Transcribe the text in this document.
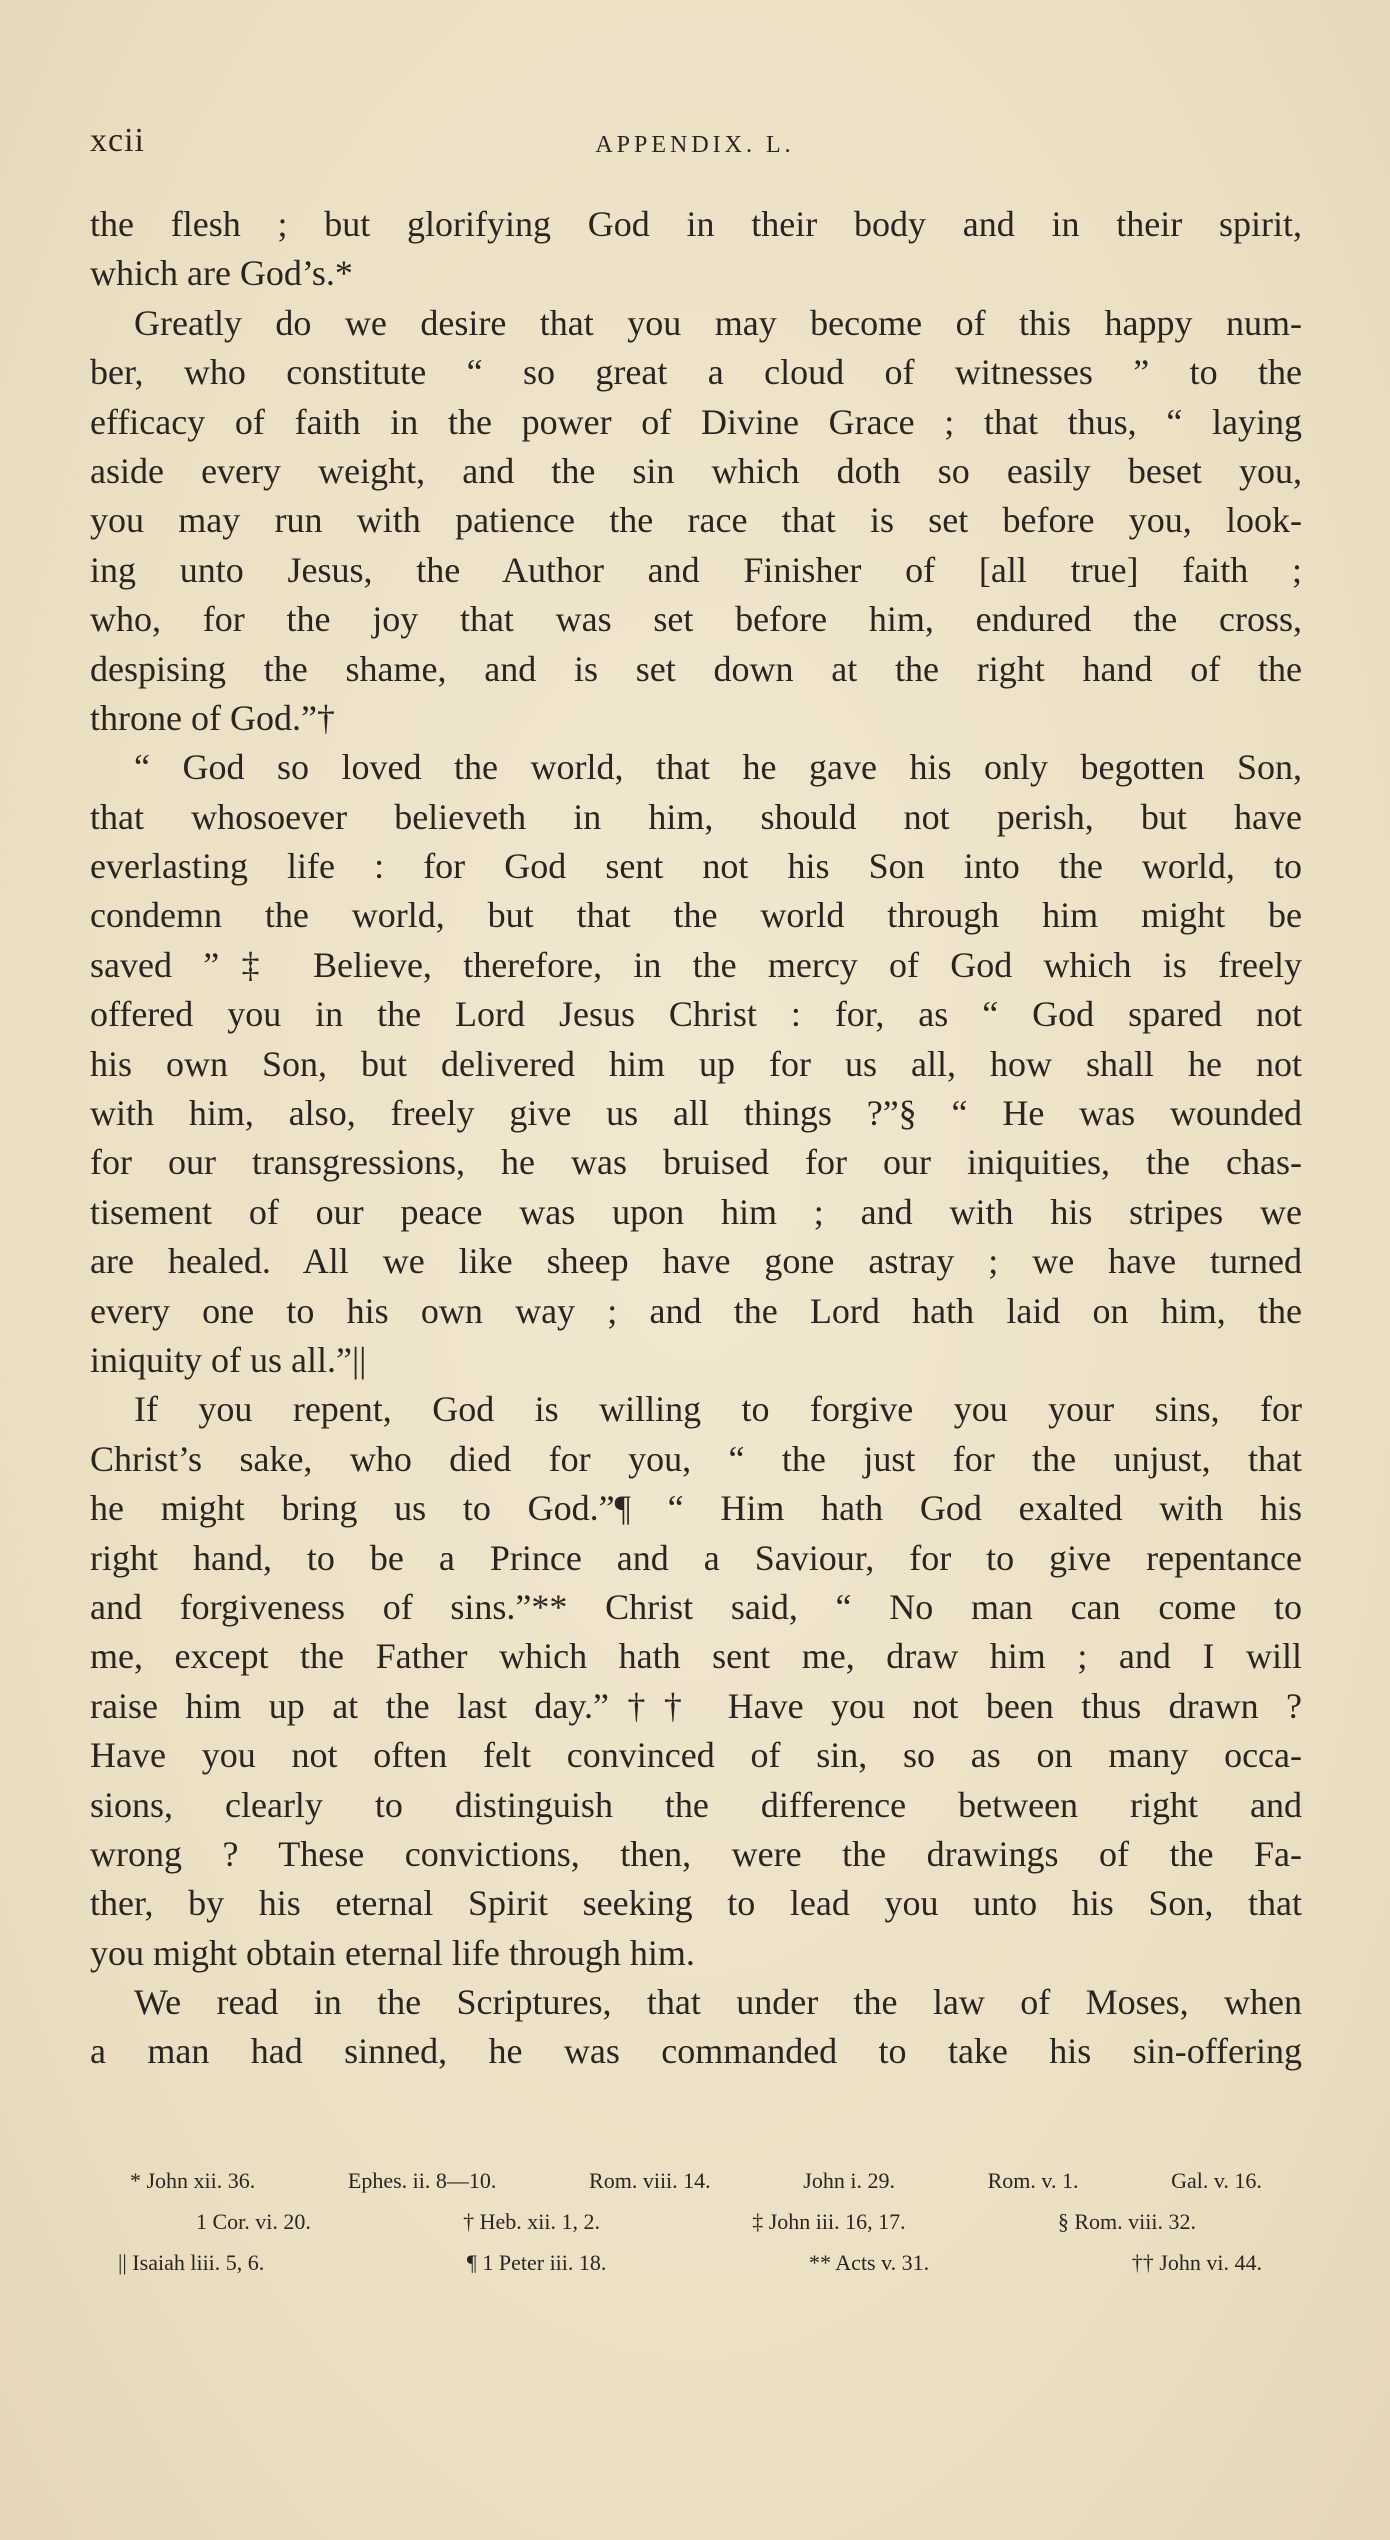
xcii	APPENDIX. L.
the flesh ; but glorifying God in their body and in their spirit,
which are God’s.*
Greatly do we desire that you may become of this happy num-
ber, who constitute “ so great a cloud of witnesses ” to the
efficacy of faith in the power of Divine Grace ; that thus, “ laying
aside every weight, and the sin which doth so easily beset you,
you may run with patience the race that is set before you, look-
ing unto Jesus, the Author and Finisher of [all true] faith ;
who, for the joy that was set before him, endured the cross,
despising the shame, and is set down at the right hand of the
throne of God.”†
“ God so loved the world, that he gave his only begotten Son,
that whosoever believeth in him, should not perish, but have
everlasting life : for God sent not his Son into the world, to
condemn the world, but that the world through him might be
saved ”‡ Believe, therefore, in the mercy of God which is freely
offered you in the Lord Jesus Christ : for, as “ God spared not
his own Son, but delivered him up for us all, how shall he not
with him, also, freely give us all things ?”§ “ He was wounded
for our transgressions, he was bruised for our iniquities, the chas-
tisement of our peace was upon him ; and with his stripes we
are healed. All we like sheep have gone astray ; we have turned
every one to his own way ; and the Lord hath laid on him, the
iniquity of us all.”||
If you repent, God is willing to forgive you your sins, for
Christ’s sake, who died for you, “ the just for the unjust, that
he might bring us to God.”¶ “ Him hath God exalted with his
right hand, to be a Prince and a Saviour, for to give repentance
and forgiveness of sins.”** Christ said, “ No man can come to
me, except the Father which hath sent me, draw him ; and I will
raise him up at the last day.”†† Have you not been thus drawn ?
Have you not often felt convinced of sin, so as on many occa-
sions, clearly to distinguish the difference between right and
wrong ? These convictions, then, were the drawings of the Fa-
ther, by his eternal Spirit seeking to lead you unto his Son, that
you might obtain eternal life through him.
We read in the Scriptures, that under the law of Moses, when
a man had sinned, he was commanded to take his sin-offering
* John xii. 36.	Ephes. ii. 8—10.	Rom. viii. 14.	John i. 29.	Rom. v. 1.	Gal. v. 16.
1 Cor. vi. 20.	† Heb. xii. 1, 2.	‡ John iii. 16, 17.	§ Rom. viii. 32.
|| Isaiah liii. 5, 6.	¶ 1 Peter iii. 18.	** Acts v. 31.	†† John vi. 44.
